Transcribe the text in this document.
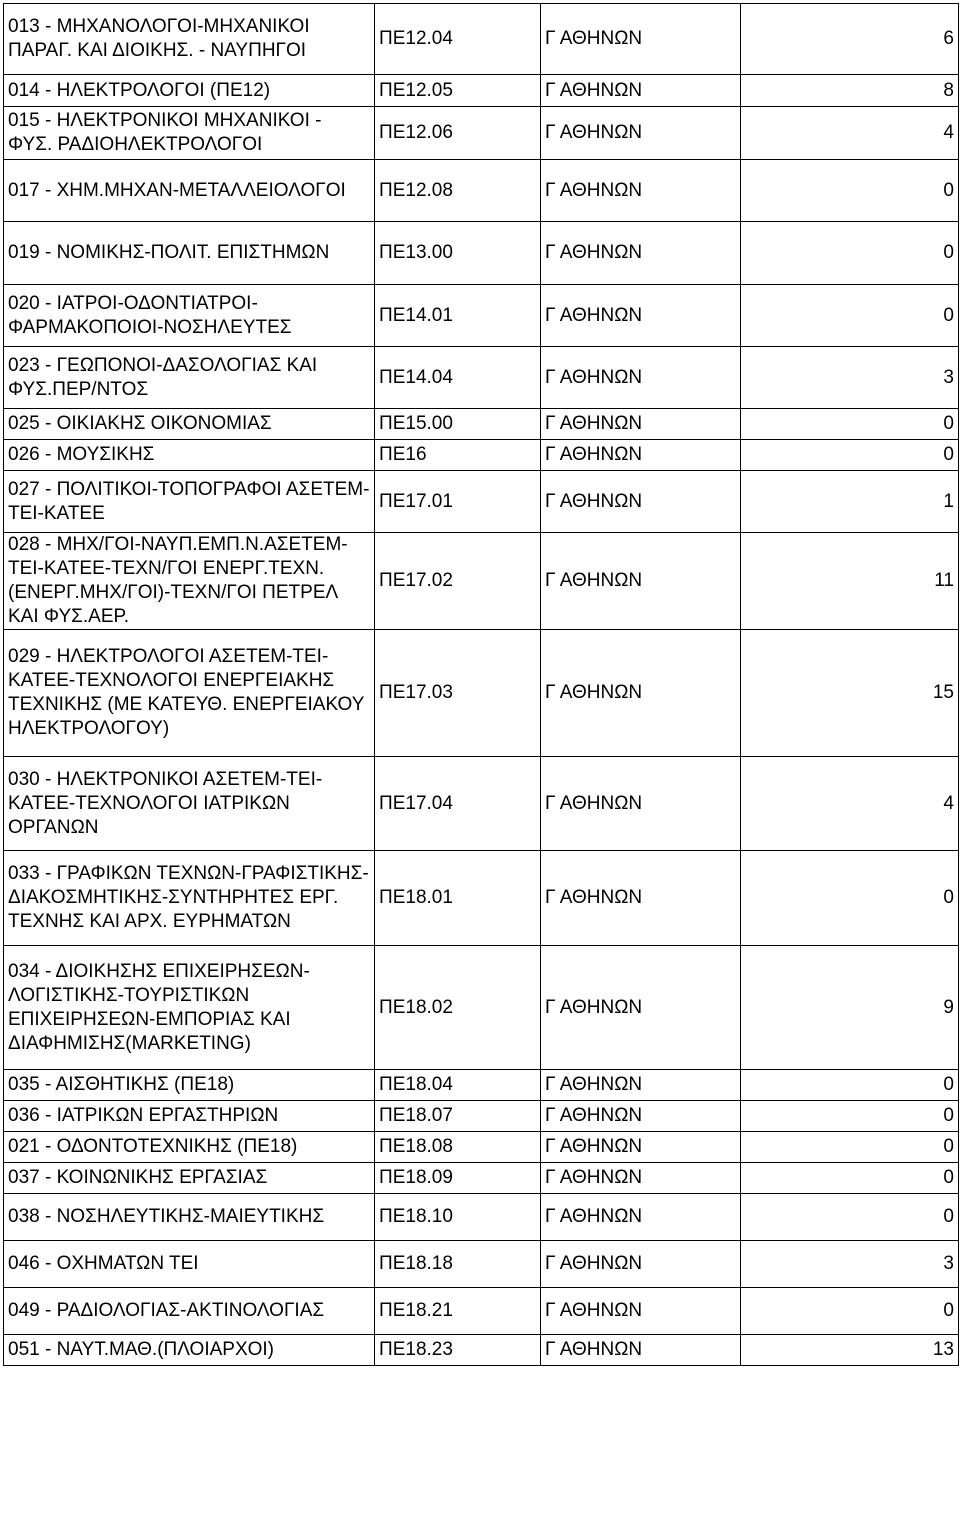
013 - ΜΗΧΑΝΟΛΟΓΟΙ-ΜΗΧΑΝΙΚΟΙ ΠΑΡΑΓ. ΚΑΙ ΔΙΟΙΚΗΣ. - ΝΑΥΠΗΓΟΙ	ΠΕ12.04	Γ ΑΘΗΝΩΝ	6
014 - ΗΛΕΚΤΡΟΛΟΓΟΙ (ΠΕ12)	ΠΕ12.05	Γ ΑΘΗΝΩΝ	8
015 - ΗΛΕΚΤΡΟΝΙΚΟΙ ΜΗΧΑΝΙΚΟΙ - ΦΥΣ. ΡΑΔΙΟΗΛΕΚΤΡΟΛΟΓΟΙ	ΠΕ12.06	Γ ΑΘΗΝΩΝ	4
017 - ΧΗΜ.ΜΗΧΑΝ-ΜΕΤΑΛΛΕΙΟΛΟΓΟΙ	ΠΕ12.08	Γ ΑΘΗΝΩΝ	0
019 - ΝΟΜΙΚΗΣ-ΠΟΛΙΤ. ΕΠΙΣΤΗΜΩΝ	ΠΕ13.00	Γ ΑΘΗΝΩΝ	0
020 - ΙΑΤΡΟΙ-ΟΔΟΝΤΙΑΤΡΟΙ-ΦΑΡΜΑΚΟΠΟΙΟΙ-ΝΟΣΗΛΕΥΤΕΣ	ΠΕ14.01	Γ ΑΘΗΝΩΝ	0
023 - ΓΕΩΠΟΝΟΙ-ΔΑΣΟΛΟΓΙΑΣ ΚΑΙ ΦΥΣ.ΠΕΡ/ΝΤΟΣ	ΠΕ14.04	Γ ΑΘΗΝΩΝ	3
025 - ΟΙΚΙΑΚΗΣ ΟΙΚΟΝΟΜΙΑΣ	ΠΕ15.00	Γ ΑΘΗΝΩΝ	0
026 - ΜΟΥΣΙΚΗΣ	ΠΕ16	Γ ΑΘΗΝΩΝ	0
027 - ΠΟΛΙΤΙΚΟΙ-ΤΟΠΟΓΡΑΦΟΙ ΑΣΕΤΕΜ-ΤΕΙ-ΚΑΤΕΕ	ΠΕ17.01	Γ ΑΘΗΝΩΝ	1
028 - ΜΗΧ/ΓΟΙ-ΝΑΥΠ.ΕΜΠ.Ν.ΑΣΕΤΕΜ-ΤΕΙ-ΚΑΤΕΕ-ΤΕΧΝ/ΓΟΙ ΕΝΕΡΓ.ΤΕΧΝ.(ΕΝΕΡΓ.ΜΗΧ/ΓΟΙ)-ΤΕΧΝ/ΓΟΙ ΠΕΤΡΕΛ ΚΑΙ ΦΥΣ.ΑΕΡ.	ΠΕ17.02	Γ ΑΘΗΝΩΝ	11
029 - ΗΛΕΚΤΡΟΛΟΓΟΙ ΑΣΕΤΕΜ-ΤΕΙ-ΚΑΤΕΕ-ΤΕΧΝΟΛΟΓΟΙ ΕΝΕΡΓΕΙΑΚΗΣ ΤΕΧΝΙΚΗΣ (ΜΕ ΚΑΤΕΥΘ. ΕΝΕΡΓΕΙΑΚΟΥ ΗΛΕΚΤΡΟΛΟΓΟΥ)	ΠΕ17.03	Γ ΑΘΗΝΩΝ	15
030 - ΗΛΕΚΤΡΟΝΙΚΟΙ ΑΣΕΤΕΜ-ΤΕΙ-ΚΑΤΕΕ-ΤΕΧΝΟΛΟΓΟΙ ΙΑΤΡΙΚΩΝ ΟΡΓΑΝΩΝ	ΠΕ17.04	Γ ΑΘΗΝΩΝ	4
033 - ΓΡΑΦΙΚΩΝ ΤΕΧΝΩΝ-ΓΡΑΦΙΣΤΙΚΗΣ-ΔΙΑΚΟΣΜΗΤΙΚΗΣ-ΣΥΝΤΗΡΗΤΕΣ ΕΡΓ. ΤΕΧΝΗΣ ΚΑΙ ΑΡΧ. ΕΥΡΗΜΑΤΩΝ	ΠΕ18.01	Γ ΑΘΗΝΩΝ	0
034 - ΔΙΟΙΚΗΣΗΣ ΕΠΙΧΕΙΡΗΣΕΩΝ-ΛΟΓΙΣΤΙΚΗΣ-ΤΟΥΡΙΣΤΙΚΩΝ ΕΠΙΧΕΙΡΗΣΕΩΝ-ΕΜΠΟΡΙΑΣ ΚΑΙ ΔΙΑΦΗΜΙΣΗΣ(MARKETING)	ΠΕ18.02	Γ ΑΘΗΝΩΝ	9
035 - ΑΙΣΘΗΤΙΚΗΣ (ΠΕ18)	ΠΕ18.04	Γ ΑΘΗΝΩΝ	0
036 - ΙΑΤΡΙΚΩΝ ΕΡΓΑΣΤΗΡΙΩΝ	ΠΕ18.07	Γ ΑΘΗΝΩΝ	0
021 - ΟΔΟΝΤΟΤΕΧΝΙΚΗΣ (ΠΕ18)	ΠΕ18.08	Γ ΑΘΗΝΩΝ	0
037 - ΚΟΙΝΩΝΙΚΗΣ ΕΡΓΑΣΙΑΣ	ΠΕ18.09	Γ ΑΘΗΝΩΝ	0
038 - ΝΟΣΗΛΕΥΤΙΚΗΣ-ΜΑΙΕΥΤΙΚΗΣ	ΠΕ18.10	Γ ΑΘΗΝΩΝ	0
046 - ΟΧΗΜΑΤΩΝ ΤΕΙ	ΠΕ18.18	Γ ΑΘΗΝΩΝ	3
049 - ΡΑΔΙΟΛΟΓΙΑΣ-ΑΚΤΙΝΟΛΟΓΙΑΣ	ΠΕ18.21	Γ ΑΘΗΝΩΝ	0
051 - ΝΑΥΤ.ΜΑΘ.(ΠΛΟΙΑΡΧΟΙ)	ΠΕ18.23	Γ ΑΘΗΝΩΝ	13
